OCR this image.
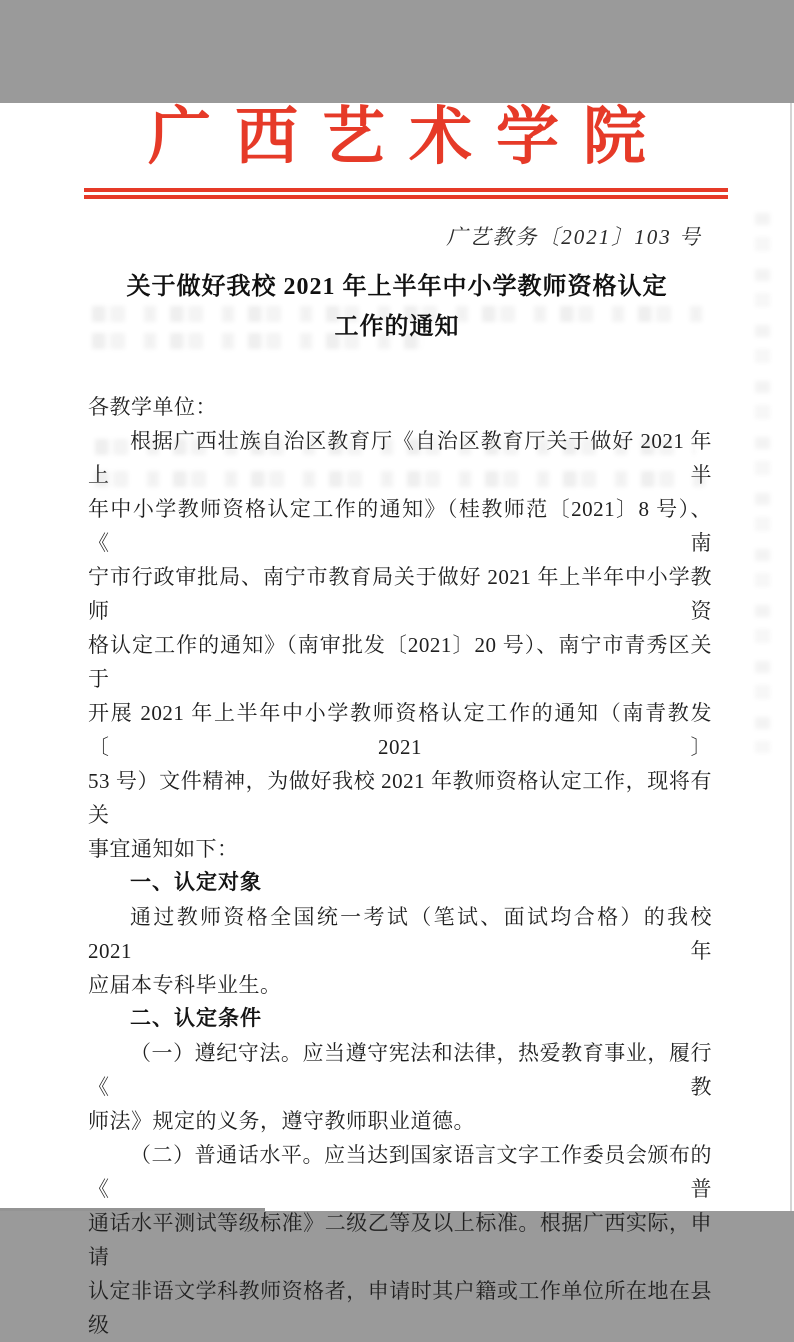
广西艺术学院
广艺教务〔2021〕103 号
关于做好我校 2021 年上半年中小学教师资格认定
工作的通知
各教学单位：
根据广西壮族自治区教育厅《自治区教育厅关于做好 2021 年上半
年中小学教师资格认定工作的通知》（桂教师范〔2021〕8 号）、《南
宁市行政审批局、南宁市教育局关于做好 2021 年上半年中小学教师资
格认定工作的通知》（南审批发〔2021〕20 号）、南宁市青秀区关于
开展 2021 年上半年中小学教师资格认定工作的通知（南青教发〔2021〕
53 号）文件精神，为做好我校 2021 年教师资格认定工作，现将有关
事宜通知如下：
一、认定对象
通过教师资格全国统一考试（笔试、面试均合格）的我校 2021 年
应届本专科毕业生。
二、认定条件
（一）遵纪守法。应当遵守宪法和法律，热爱教育事业，履行《教
师法》规定的义务，遵守教师职业道德。
（二）普通话水平。应当达到国家语言文字工作委员会颁布的《普
通话水平测试等级标准》二级乙等及以上标准。根据广西实际，申请
认定非语文学科教师资格者，申请时其户籍或工作单位所在地在县级
